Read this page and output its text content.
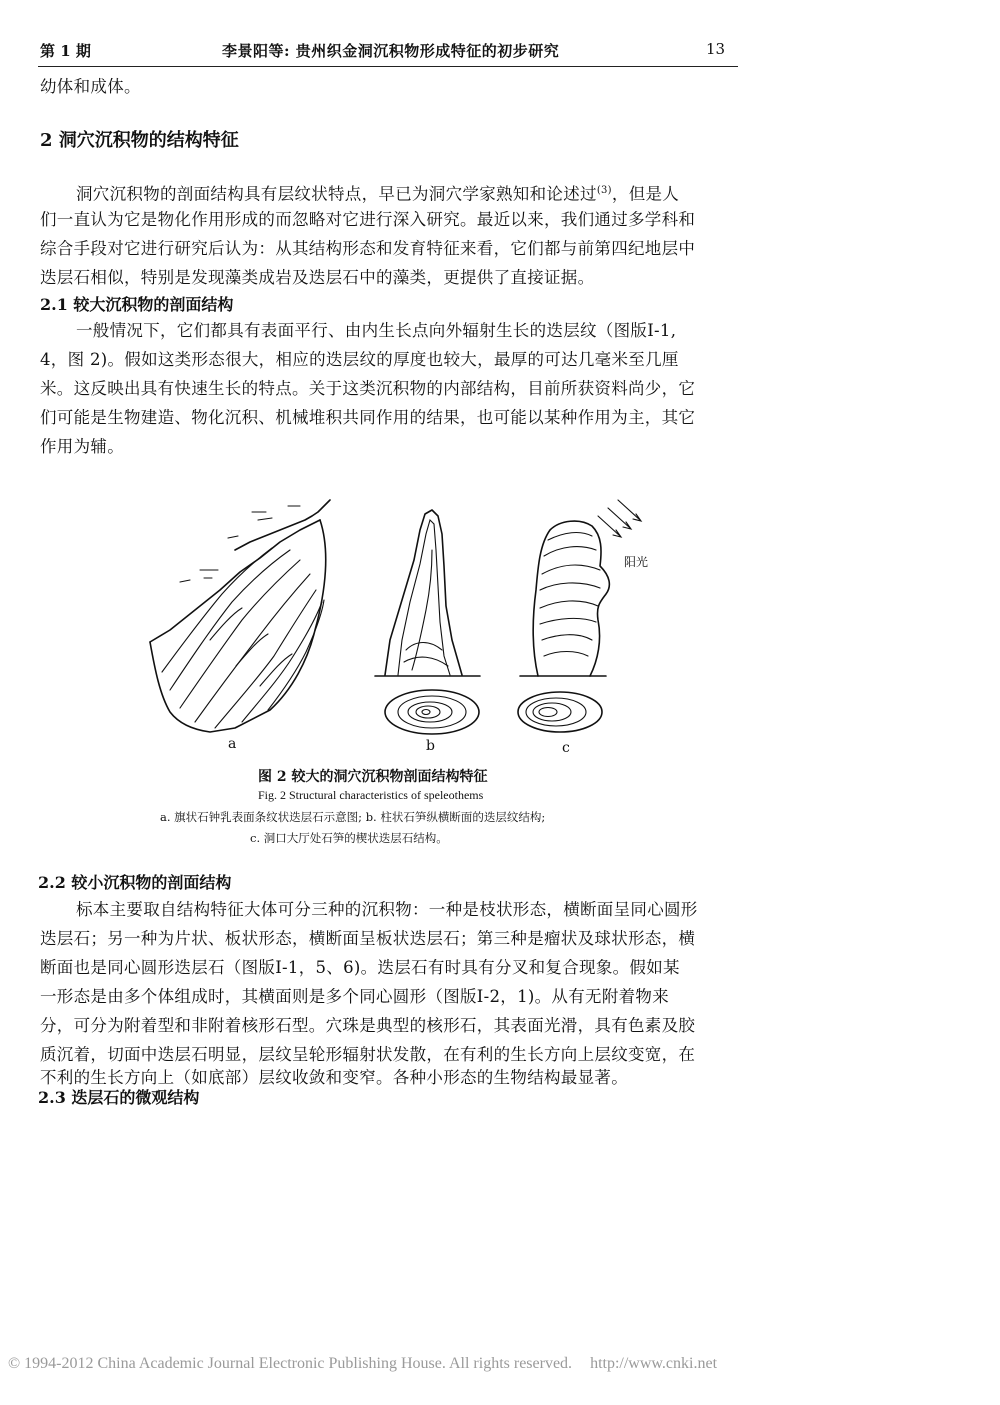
第 1 期	李景阳等: 贵州织金洞沉积物形成特征的初步研究	13
幼体和成体。
2 洞穴沉积物的结构特征
洞穴沉积物的剖面结构具有层纹状特点，早已为洞穴学家熟知和论述过$^{(3)}$，但是人
们一直认为它是物化作用形成的而忽略对它进行深入研究。最近以来，我们通过多学科和
综合手段对它进行研究后认为：从其结构形态和发育特征来看，它们都与前第四纪地层中
迭层石相似，特别是发现藻类成岩及迭层石中的藻类，更提供了直接证据。
2.1 较大沉积物的剖面结构
一般情况下，它们都具有表面平行、由内生长点向外辐射生长的迭层纹（图版Ⅰ-1,
4，图 2)。假如这类形态很大，相应的迭层纹的厚度也较大，最厚的可达几毫米至几厘
米。这反映出具有快速生长的特点。关于这类沉积物的内部结构，目前所获资料尚少，它
们可能是生物建造、物化沉积、机械堆积共同作用的结果，也可能以某种作用为主，其它
作用为辅。
阳光
a	b	c
图 2 较大的洞穴沉积物剖面结构特征
Fig. 2 Structural characteristics of speleothems
a. 旗状石钟乳表面条纹状迭层石示意图; b. 柱状石笋纵横断面的迭层纹结构;
c. 洞口大厅处石笋的楔状迭层石结构。
2.2 较小沉积物的剖面结构
标本主要取自结构特征大体可分三种的沉积物：一种是枝状形态，横断面呈同心圆形
迭层石；另一种为片状、板状形态，横断面呈板状迭层石；第三种是瘤状及球状形态，横
断面也是同心圆形迭层石（图版Ⅰ-1，5、6)。迭层石有时具有分叉和复合现象。假如某
一形态是由多个体组成时，其横面则是多个同心圆形（图版Ⅰ-2，1)。从有无附着物来
分，可分为附着型和非附着核形石型。穴珠是典型的核形石，其表面光滑，具有色素及胶
质沉着，切面中迭层石明显，层纹呈轮形辐射状发散，在有利的生长方向上层纹变宽，在
不利的生长方向上（如底部）层纹收敛和变窄。各种小形态的生物结构最显著。
2.3 迭层石的微观结构
© 1994-2012 China Academic Journal Electronic Publishing House. All rights reserved. http://www.cnki.net
